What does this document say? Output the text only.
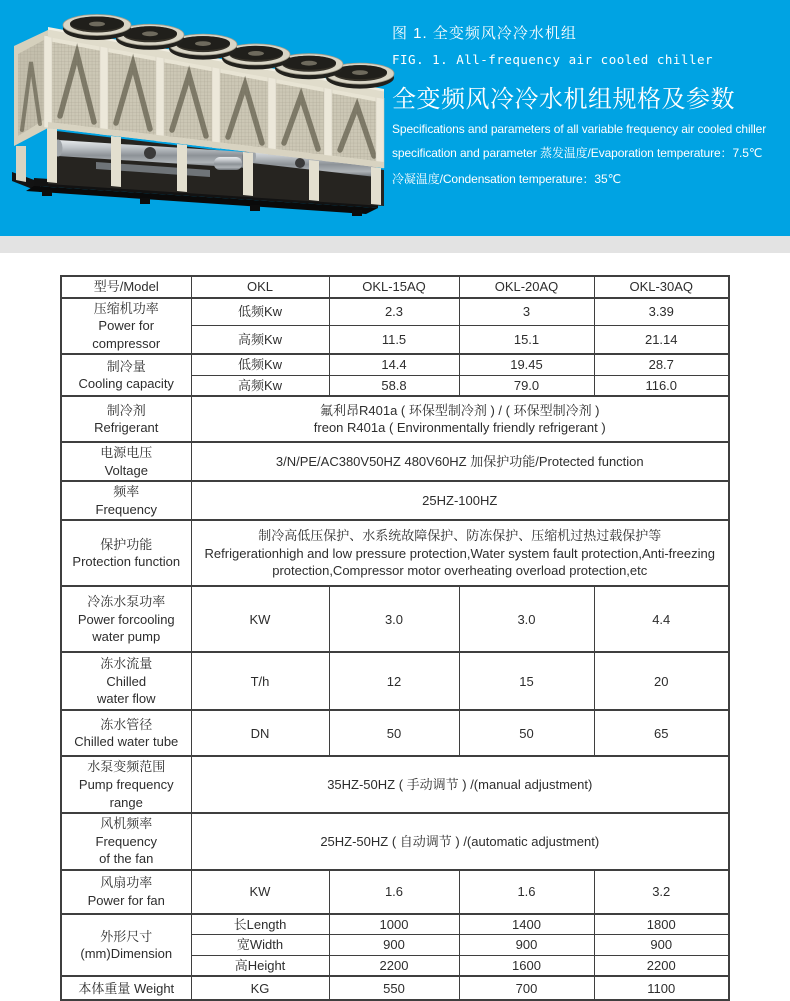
图 1. 全变频风冷冷水机组
FIG. 1. All-frequency air cooled chiller
全变频风冷冷水机组规格及参数
Specifications and parameters of all variable frequency air cooled chiller
specification and parameter 蒸发温度/Evaporation temperature：7.5℃
冷凝温度/Condensation temperature：35℃
型号/Model	OKL	OKL-15AQ	OKL-20AQ	OKL-30AQ

压缩机功率
Power for compressor	低频Kw	2.3	3	3.39
	高频Kw	11.5	15.1	21.14

制冷量
Cooling capacity	低频Kw	14.4	19.45	28.7
	高频Kw	58.8	79.0	116.0

制冷剂
Refrigerant	氟利昂R401a ( 环保型制冷剂 ) / ( 环保型制冷剂 )
freon R401a ( Environmentally friendly refrigerant )			

电源电压
Voltage	3/N/PE/AC380V50HZ 480V60HZ 加保护功能/Protected function			

频率
Frequency	25HZ-100HZ			

保护功能
Protection function	制冷高低压保护、水系统故障保护、防冻保护、压缩机过热过载保护等
Refrigerationhigh and low pressure protection,Water system fault protection,Anti-freezing protection,Compressor motor overheating overload protection,etc			

冷冻水泵功率
Power forcooling
water pump	KW	3.0	3.0	4.4

冻水流量
Chilled
water flow	T/h	12	15	20

冻水管径
Chilled water tube	DN	50	50	65

水泵变频范围
Pump frequency
range	35HZ-50HZ ( 手动调节 ) /(manual adjustment)			

风机频率
Frequency
of the fan	25HZ-50HZ ( 自动调节 ) /(automatic adjustment)			

风扇功率
Power for fan	KW	1.6	1.6	3.2

外形尺寸
(mm)Dimension	长Length	1000	1400	1800
	宽Width	900	900	900
	高Height	2200	1600	2200
本体重量 Weight	KG	550	700	1100
